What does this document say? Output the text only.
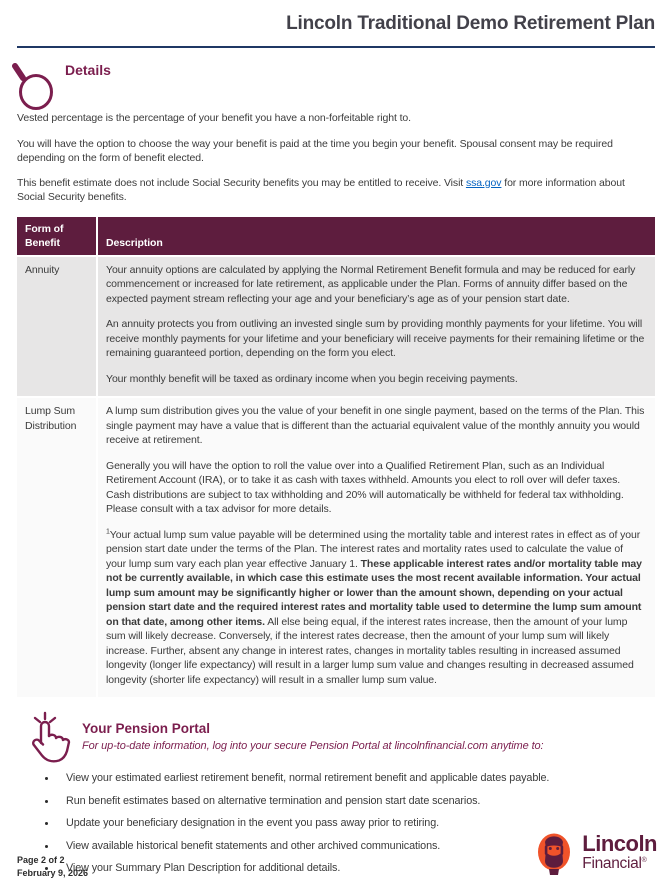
Lincoln Traditional Demo Retirement Plan
Details

Vested percentage is the percentage of your benefit you have a non-forfeitable right to.

You will have the option to choose the way your benefit is paid at the time you begin your benefit. Spousal consent may be required depending on the form of benefit elected.

This benefit estimate does not include Social Security benefits you may be entitled to receive. Visit ssa.gov for more information about Social Security benefits.

Form of Benefit	Description
Annuity	Your annuity options are calculated by applying the Normal Retirement Benefit formula and may be reduced for early commencement or increased for late retirement, as applicable under the Plan. Forms of annuity differ based on the expected payment stream reflecting your age and your beneficiary’s age as of your pension start date.

An annuity protects you from outliving an invested single sum by providing monthly payments for your lifetime. You will receive monthly payments for your lifetime and your beneficiary will receive payments for their remaining lifetime or the remaining guaranteed portion, depending on the form you elect.

Your monthly benefit will be taxed as ordinary income when you begin receiving payments.

Lump Sum Distribution	A lump sum distribution gives you the value of your benefit in one single payment, based on the terms of the Plan. This single payment may have a value that is different than the actuarial equivalent value of the monthly annuity you would receive at retirement.

Generally you will have the option to roll the value over into a Qualified Retirement Plan, such as an Individual Retirement Account (IRA), or to take it as cash with taxes withheld. Amounts you elect to roll over will defer taxes. Cash distributions are subject to tax withholding and 20% will automatically be withheld for federal tax withholding. Please consult with a tax advisor for more details.

$^1$Your actual lump sum value payable will be determined using the mortality table and interest rates in effect as of your pension start date under the terms of the Plan. The interest rates and mortality rates used to calculate the value of your lump sum vary each plan year effective January 1. These applicable interest rates and/or mortality table may not be currently available, in which case this estimate uses the most recent available information. Your actual lump sum amount may be significantly higher or lower than the amount shown, depending on your actual pension start date and the required interest rates and mortality table used to determine the lump sum amount on that date, among other items. All else being equal, if the interest rates increase, then the amount of your lump sum will likely decrease. Conversely, if the interest rates decrease, then the amount of your lump sum will likely increase. Further, absent any change in interest rates, changes in mortality tables resulting in increased assumed longevity (longer life expectancy) will result in a larger lump sum value and changes resulting in decreased assumed longevity (shorter life expectancy) will result in a smaller lump sum value.

Your Pension Portal
For up-to-date information, log into your secure Pension Portal at lincolnfinancial.com anytime to:
• View your estimated earliest retirement benefit, normal retirement benefit and applicable dates payable.
• Run benefit estimates based on alternative termination and pension start date scenarios.
• Update your beneficiary designation in the event you pass away prior to retiring.
• View available historical benefit statements and other archived communications.
• View your Summary Plan Description for additional details.
Page 2 of 2
February 9, 2026
Lincoln
Financial®
